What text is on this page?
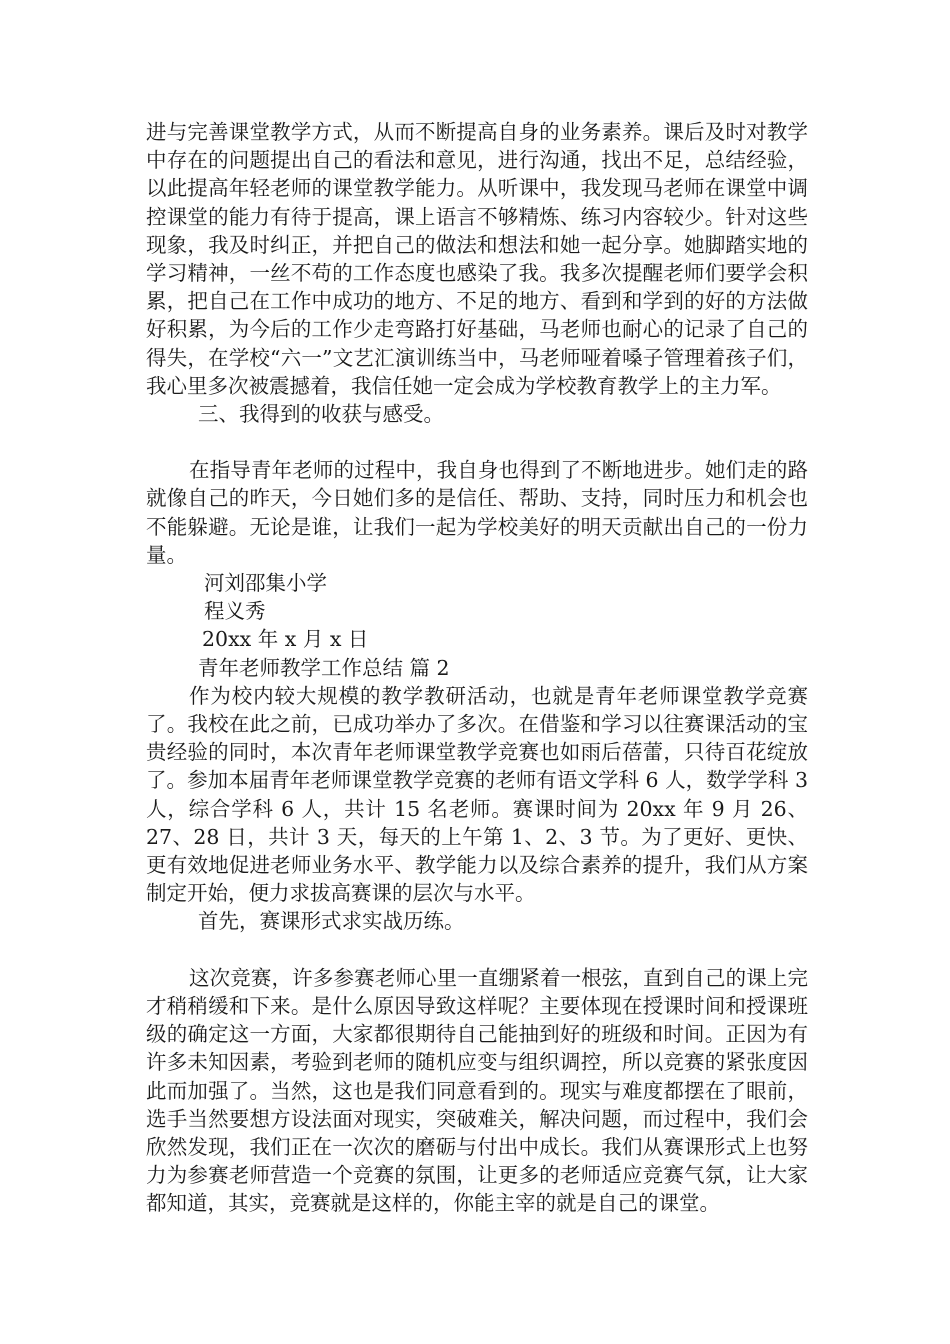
进与完善课堂教学方式，从而不断提高自身的业务素养。课后及时对教学中存在的问题提出自己的看法和意见，进行沟通，找出不足，总结经验，以此提高年轻老师的课堂教学能力。从听课中，我发现马老师在课堂中调控课堂的能力有待于提高，课上语言不够精炼、练习内容较少。针对这些现象，我及时纠正，并把自己的做法和想法和她一起分享。她脚踏实地的学习精神，一丝不苟的工作态度也感染了我。我多次提醒老师们要学会积累，把自己在工作中成功的地方、不足的地方、看到和学到的好的方法做好积累，为今后的工作少走弯路打好基础，马老师也耐心的记录了自己的得失，在学校“六一”文艺汇演训练当中，马老师哑着嗓子管理着孩子们，我心里多次被震撼着，我信任她一定会成为学校教育教学上的主力军。

三、我得到的收获与感受。

在指导青年老师的过程中，我自身也得到了不断地进步。她们走的路就像自己的昨天，今日她们多的是信任、帮助、支持，同时压力和机会也不能躲避。无论是谁，让我们一起为学校美好的明天贡献出自己的一份力量。

河刘邵集小学

程义秀

20xx 年 x 月 x 日

青年老师教学工作总结 篇 2

作为校内较大规模的教学教研活动，也就是青年老师课堂教学竞赛了。我校在此之前，已成功举办了多次。在借鉴和学习以往赛课活动的宝贵经验的同时，本次青年老师课堂教学竞赛也如雨后蓓蕾，只待百花绽放了。参加本届青年老师课堂教学竞赛的老师有语文学科 6 人，数学学科 3 人，综合学科 6 人，共计 15 名老师。赛课时间为 20xx 年 9 月 26、27、28 日，共计 3 天，每天的上午第 1、2、3 节。为了更好、更快、更有效地促进老师业务水平、教学能力以及综合素养的提升，我们从方案制定开始，便力求拔高赛课的层次与水平。

首先，赛课形式求实战历练。

这次竞赛，许多参赛老师心里一直绷紧着一根弦，直到自己的课上完才稍稍缓和下来。是什么原因导致这样呢？主要体现在授课时间和授课班级的确定这一方面，大家都很期待自己能抽到好的班级和时间。正因为有许多未知因素，考验到老师的随机应变与组织调控，所以竞赛的紧张度因此而加强了。当然，这也是我们同意看到的。现实与难度都摆在了眼前，选手当然要想方设法面对现实，突破难关，解决问题，而过程中，我们会欣然发现，我们正在一次次的磨砺与付出中成长。我们从赛课形式上也努力为参赛老师营造一个竞赛的氛围，让更多的老师适应竞赛气氛，让大家都知道，其实，竞赛就是这样的，你能主宰的就是自己的课堂。
